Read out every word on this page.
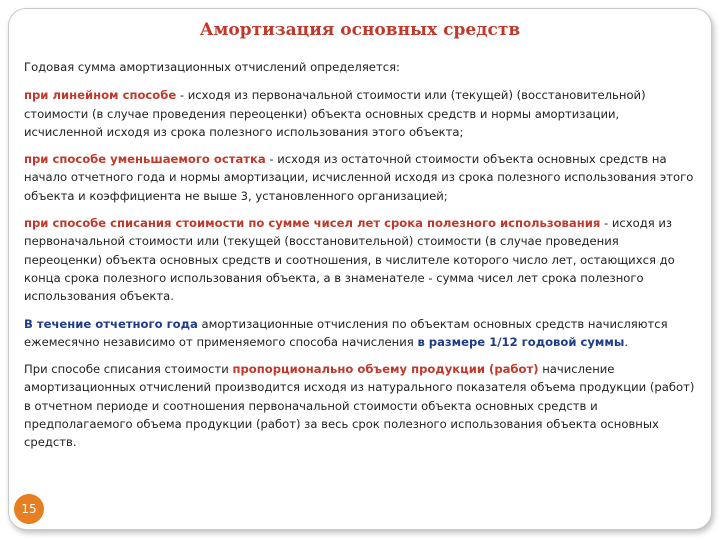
Амортизация основных средств

Годовая сумма амортизационных отчислений определяется:

при линейном способе - исходя из первоначальной стоимости или (текущей) (восстановительной) стоимости (в случае проведения переоценки) объекта основных средств и нормы амортизации, исчисленной исходя из срока полезного использования этого объекта;

при способе уменьшаемого остатка - исходя из остаточной стоимости объекта основных средств на начало отчетного года и нормы амортизации, исчисленной исходя из срока полезного использования этого объекта и коэффициента не выше 3, установленного организацией;

при способе списания стоимости по сумме чисел лет срока полезного использования - исходя из первоначальной стоимости или (текущей (восстановительной) стоимости (в случае проведения переоценки) объекта основных средств и соотношения, в числителе которого число лет, остающихся до конца срока полезного использования объекта, а в знаменателе - сумма чисел лет срока полезного использования объекта.

В течение отчетного года амортизационные отчисления по объектам основных средств начисляются ежемесячно независимо от применяемого способа начисления в размере 1/12 годовой суммы.

При способе списания стоимости пропорционально объему продукции (работ) начисление амортизационных отчислений производится исходя из натурального показателя объема продукции (работ) в отчетном периоде и соотношения первоначальной стоимости объекта основных средств и предполагаемого объема продукции (работ) за весь срок полезного использования объекта основных средств.

15
